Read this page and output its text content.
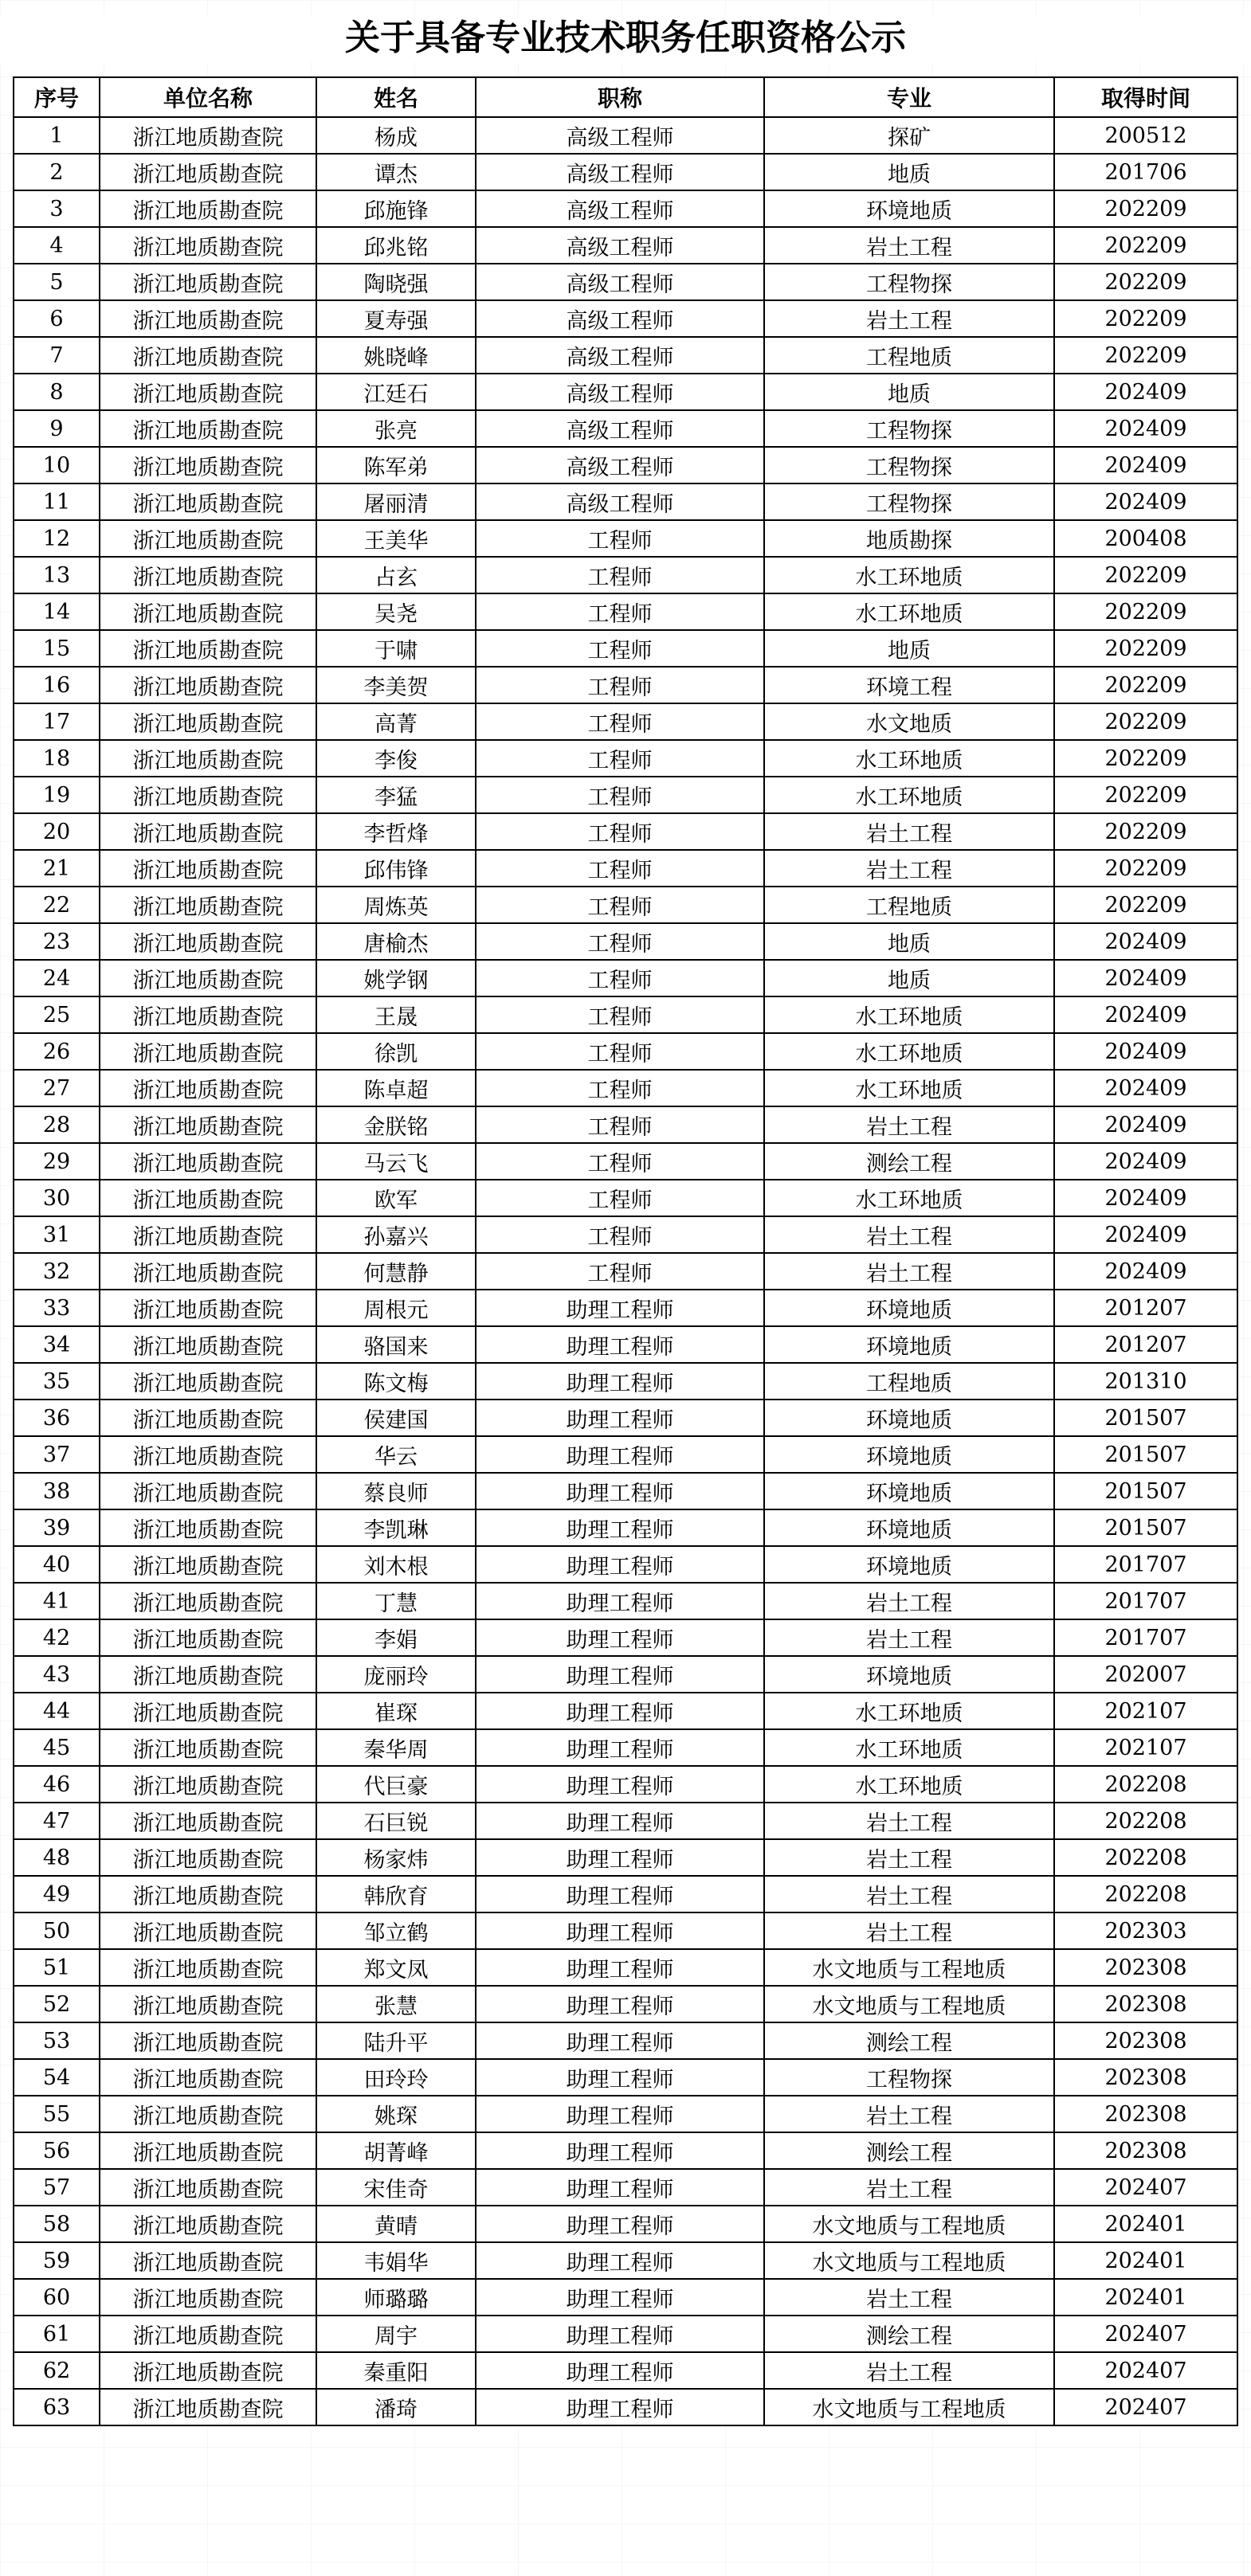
关于具备专业技术职务任职资格公示
序号	单位名称	姓名	职称	专业	取得时间
1	浙江地质勘查院	杨成	高级工程师	探矿	200512
2	浙江地质勘查院	谭杰	高级工程师	地质	201706
3	浙江地质勘查院	邱施锋	高级工程师	环境地质	202209
4	浙江地质勘查院	邱兆铭	高级工程师	岩土工程	202209
5	浙江地质勘查院	陶晓强	高级工程师	工程物探	202209
6	浙江地质勘查院	夏寿强	高级工程师	岩土工程	202209
7	浙江地质勘查院	姚晓峰	高级工程师	工程地质	202209
8	浙江地质勘查院	江廷石	高级工程师	地质	202409
9	浙江地质勘查院	张亮	高级工程师	工程物探	202409
10	浙江地质勘查院	陈军弟	高级工程师	工程物探	202409
11	浙江地质勘查院	屠丽清	高级工程师	工程物探	202409
12	浙江地质勘查院	王美华	工程师	地质勘探	200408
13	浙江地质勘查院	占玄	工程师	水工环地质	202209
14	浙江地质勘查院	吴尧	工程师	水工环地质	202209
15	浙江地质勘查院	于啸	工程师	地质	202209
16	浙江地质勘查院	李美贺	工程师	环境工程	202209
17	浙江地质勘查院	高菁	工程师	水文地质	202209
18	浙江地质勘查院	李俊	工程师	水工环地质	202209
19	浙江地质勘查院	李猛	工程师	水工环地质	202209
20	浙江地质勘查院	李哲烽	工程师	岩土工程	202209
21	浙江地质勘查院	邱伟锋	工程师	岩土工程	202209
22	浙江地质勘查院	周炼英	工程师	工程地质	202209
23	浙江地质勘查院	唐榆杰	工程师	地质	202409
24	浙江地质勘查院	姚学钢	工程师	地质	202409
25	浙江地质勘查院	王晟	工程师	水工环地质	202409
26	浙江地质勘查院	徐凯	工程师	水工环地质	202409
27	浙江地质勘查院	陈卓超	工程师	水工环地质	202409
28	浙江地质勘查院	金朕铭	工程师	岩土工程	202409
29	浙江地质勘查院	马云飞	工程师	测绘工程	202409
30	浙江地质勘查院	欧军	工程师	水工环地质	202409
31	浙江地质勘查院	孙嘉兴	工程师	岩土工程	202409
32	浙江地质勘查院	何慧静	工程师	岩土工程	202409
33	浙江地质勘查院	周根元	助理工程师	环境地质	201207
34	浙江地质勘查院	骆国来	助理工程师	环境地质	201207
35	浙江地质勘查院	陈文梅	助理工程师	工程地质	201310
36	浙江地质勘查院	侯建国	助理工程师	环境地质	201507
37	浙江地质勘查院	华云	助理工程师	环境地质	201507
38	浙江地质勘查院	蔡良师	助理工程师	环境地质	201507
39	浙江地质勘查院	李凯琳	助理工程师	环境地质	201507
40	浙江地质勘查院	刘木根	助理工程师	环境地质	201707
41	浙江地质勘查院	丁慧	助理工程师	岩土工程	201707
42	浙江地质勘查院	李娟	助理工程师	岩土工程	201707
43	浙江地质勘查院	庞丽玲	助理工程师	环境地质	202007
44	浙江地质勘查院	崔琛	助理工程师	水工环地质	202107
45	浙江地质勘查院	秦华周	助理工程师	水工环地质	202107
46	浙江地质勘查院	代巨豪	助理工程师	水工环地质	202208
47	浙江地质勘查院	石巨锐	助理工程师	岩土工程	202208
48	浙江地质勘查院	杨家炜	助理工程师	岩土工程	202208
49	浙江地质勘查院	韩欣育	助理工程师	岩土工程	202208
50	浙江地质勘查院	邹立鹤	助理工程师	岩土工程	202303
51	浙江地质勘查院	郑文凤	助理工程师	水文地质与工程地质	202308
52	浙江地质勘查院	张慧	助理工程师	水文地质与工程地质	202308
53	浙江地质勘查院	陆升平	助理工程师	测绘工程	202308
54	浙江地质勘查院	田玲玲	助理工程师	工程物探	202308
55	浙江地质勘查院	姚琛	助理工程师	岩土工程	202308
56	浙江地质勘查院	胡菁峰	助理工程师	测绘工程	202308
57	浙江地质勘查院	宋佳奇	助理工程师	岩土工程	202407
58	浙江地质勘查院	黄晴	助理工程师	水文地质与工程地质	202401
59	浙江地质勘查院	韦娟华	助理工程师	水文地质与工程地质	202401
60	浙江地质勘查院	师璐璐	助理工程师	岩土工程	202401
61	浙江地质勘查院	周宇	助理工程师	测绘工程	202407
62	浙江地质勘查院	秦重阳	助理工程师	岩土工程	202407
63	浙江地质勘查院	潘琦	助理工程师	水文地质与工程地质	202407
